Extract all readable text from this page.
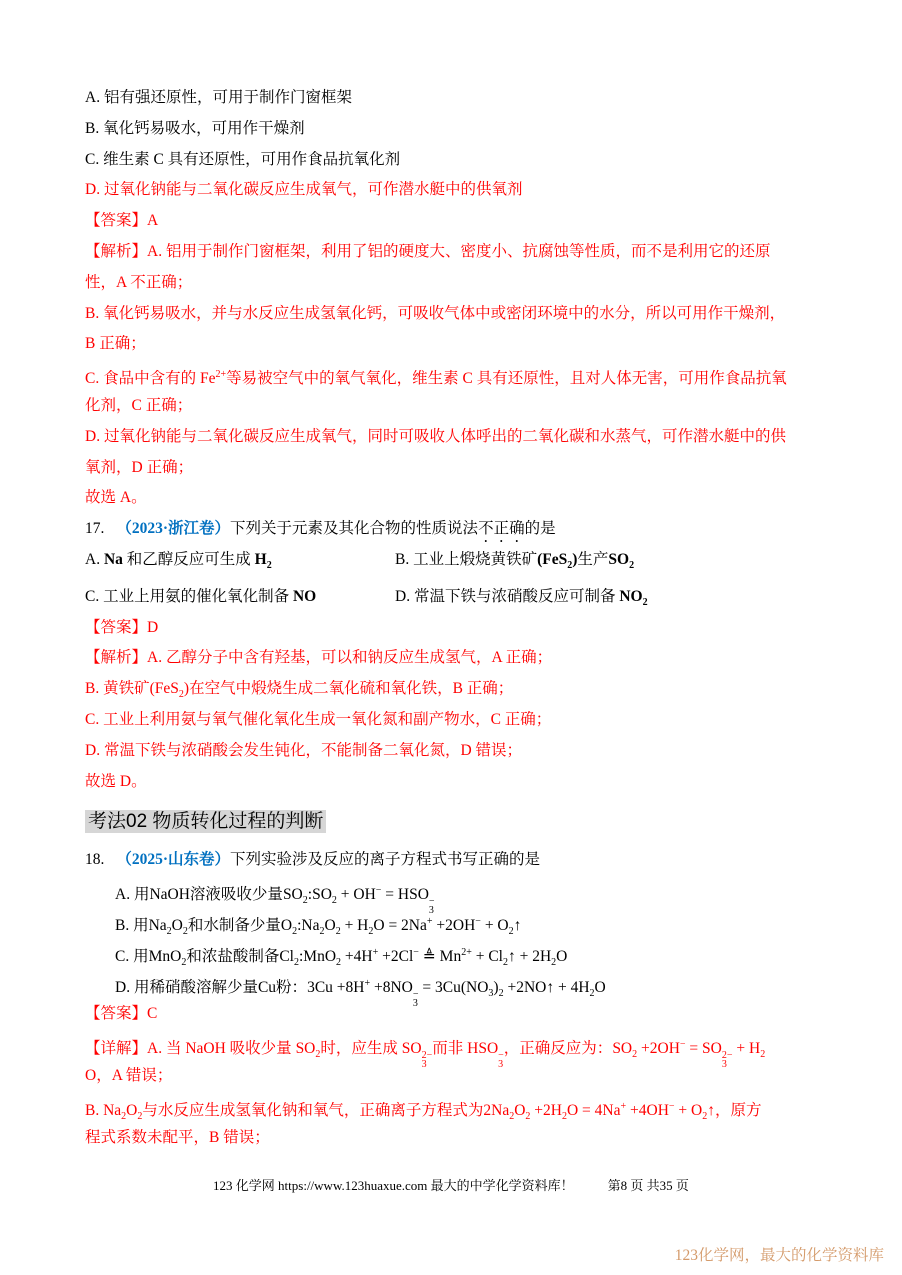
A. 铝有强还原性，可用于制作门窗框架
B. 氧化钙易吸水，可用作干燥剂
C. 维生素 C 具有还原性，可用作食品抗氧化剂
D. 过氧化钠能与二氧化碳反应生成氧气，可作潜水艇中的供氧剂
【答案】A
【解析】A. 铝用于制作门窗框架，利用了铝的硬度大、密度小、抗腐蚀等性质，而不是利用它的还原
性，A 不正确；
B. 氧化钙易吸水，并与水反应生成氢氧化钙，可吸收气体中或密闭环境中的水分，所以可用作干燥剂，
B 正确；
C. 食品中含有的 $Fe^{2+}$等易被空气中的氧气氧化，维生素 C 具有还原性，且对人体无害，可用作食品抗氧
化剂，C 正确；
D. 过氧化钠能与二氧化碳反应生成氧气，同时可吸收人体呼出的二氧化碳和水蒸气，可作潜水艇中的供
氧剂，D 正确；
故选 A。
17. （2023·浙江卷）下列关于元素及其化合物的性质说法不正确的是
A. Na 和乙醇反应可生成 $H_2$	B. 工业上煅烧黄铁矿(FeS$_2$)生产$SO_2$
C. 工业上用氨的催化氧化制备 NO	D. 常温下铁与浓硝酸反应可制备 $NO_2$
【答案】D
【解析】A. 乙醇分子中含有羟基，可以和钠反应生成氢气，A 正确；
B. 黄铁矿(FeS$_2$)在空气中煅烧生成二氧化硫和氧化铁，B 正确；
C. 工业上利用氨与氧气催化氧化生成一氧化氮和副产物水，C 正确；
D. 常温下铁与浓硝酸会发生钝化，不能制备二氧化氮，D 错误；
故选 D。
考法02 物质转化过程的判断
18. （2025·山东卷）下列实验涉及反应的离子方程式书写正确的是
A. 用NaOH溶液吸收少量$SO_2:SO_2 + OH^-$ = HSO −
3
B. 用$Na_2O_2$和水制备少量$O_2:Na_2O_2 + H_2O = 2Na^+ +2OH^-$ + $O_2↑$
C. 用MnO$_2$和浓盐酸制备$Cl_2:MnO_2 +4H^+ +2Cl^-$ ≜ $Mn^{2+}$ + $Cl_2↑ + 2H_2O$
D. 用稀硝酸溶解少量Cu粉：3Cu +8H+ +8NO −
3
= $3Cu(NO_3)_2$ +2NO↑ + $4H_2O$
【答案】C
【详解】A. 当 NaOH 吸收少量 $SO_2$时，应生成 SO 2−
3
而非 HSO −
3
，正确反应为：$SO_2 +2OH^-$ = SO 2−
3
+ $H_2$
O，A 错误；
B. $Na_2O_2$与水反应生成氢氧化钠和氧气，正确离子方程式为$2Na_2O_2 +2H_2O = 4Na^+ +4OH^-$ + $O_2↑$，原方
程式系数未配平，B 错误；
123 化学网 https://www.123huaxue.com 最大的中学化学资料库！	第8 页 共35 页
123化学网，最大的化学资料库
